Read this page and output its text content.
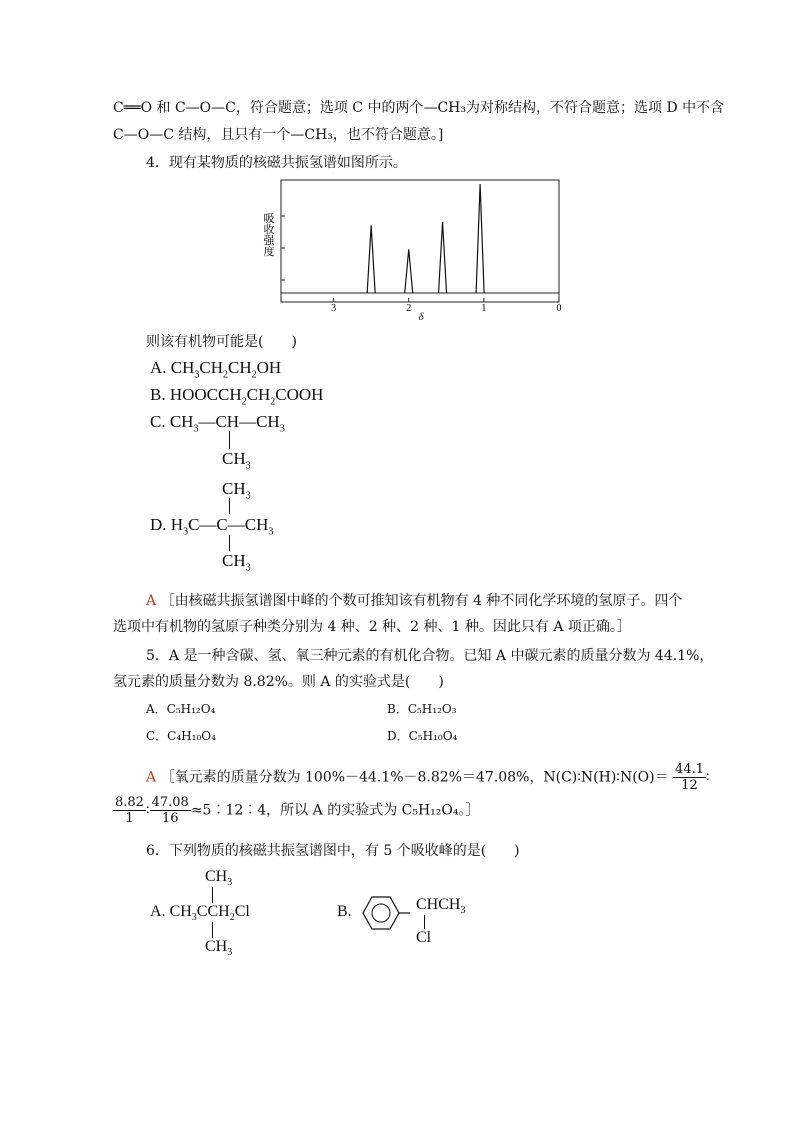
C══O 和 C—O—C，符合题意；选项 C 中的两个—CH₃为对称结构，不符合题意；选项 D 中不含
C—O—C 结构，且只有一个—CH₃，也不符合题意。]
4．现有某物质的核磁共振氢谱如图所示。
3	2	1	0
吸收强度
δ
则该有机物可能是(　　)
A. $CH_3CH_2CH_2OH$
B. $HOOCCH_2CH_2COOH$
C. $CH_3—CH—CH_3$
$CH_3$
$CH_3$
D. $H_3C—C—CH_3$
$CH_3$
A ［由核磁共振氢谱图中峰的个数可推知该有机物有 4 种不同化学环境的氢原子。四个
选项中有机物的氢原子种类分别为 4 种、2 种、2 种、1 种。因此只有 A 项正确。］
5．A 是一种含碳、氢、氧三种元素的有机化合物。已知 A 中碳元素的质量分数为 44.1%，
氢元素的质量分数为 8.82%。则 A 的实验式是(　　)
A．C₅H₁₂O₄	B．C₅H₁₂O₃
C．C₄H₁₀O₄	D．C₅H₁₀O₄
A ［氧元素的质量分数为 100%－44.1%－8.82%＝47.08%，N(C)∶N(H)∶N(O)＝ $\frac{44.1}{12}$ ∶
$\frac{8.82}{1}$ ∶ $\frac{47.08}{16}$ ≈5∶12∶4，所以 A 的实验式为 C₅H₁₂O₄。］
6．下列物质的核磁共振氢谱图中，有 5 个吸收峰的是(　　)
$CH_3$
A. $CH_3CCH_2Cl$
$CH_3$
B.	$CHCH_3$
Cl
